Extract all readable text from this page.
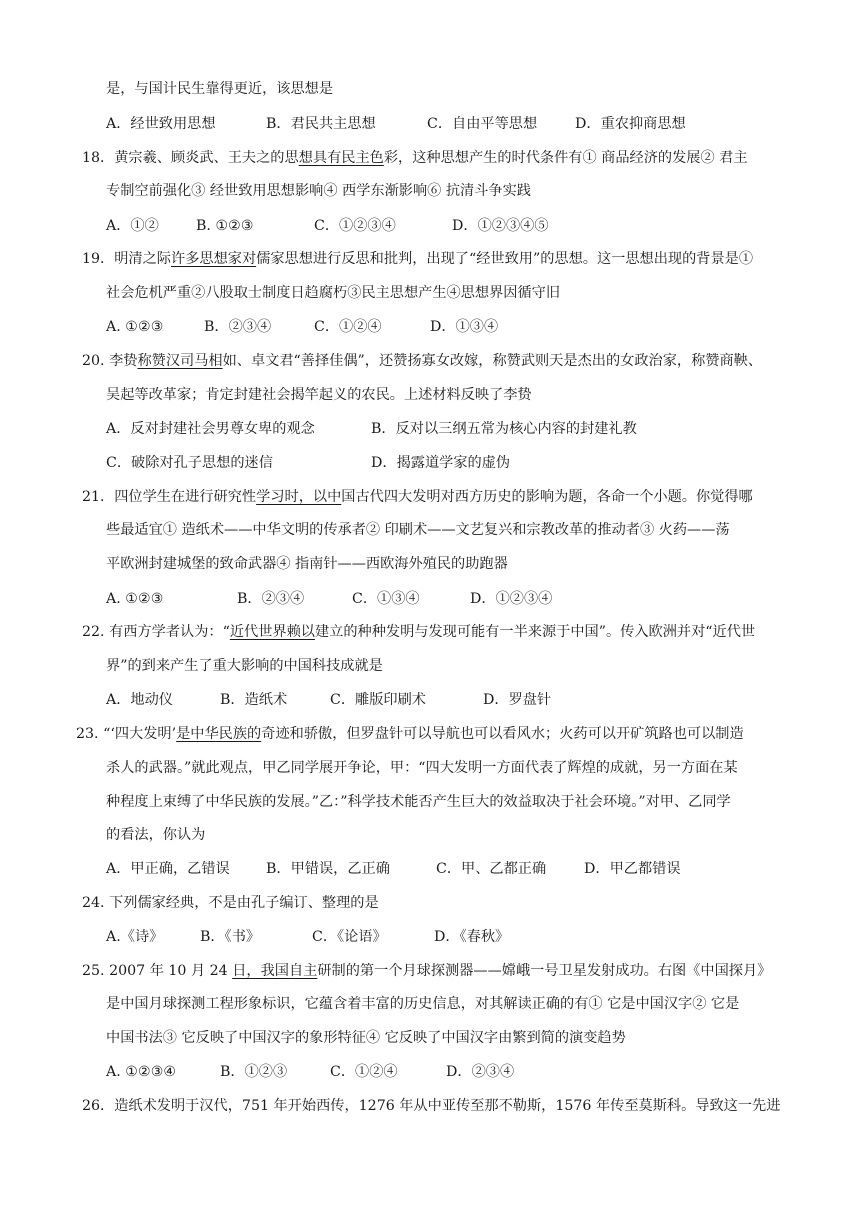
是，与国计民生靠得更近，该思想是
A．经世致用思想	B．君民共主思想	C．自由平等思想	D．重农抑商思想
18．黄宗羲、顾炎武、王夫之的思想具有民主色彩，这种思想产生的时代条件有① 商品经济的发展② 君主
专制空前强化③ 经世致用思想影响④ 西学东渐影响⑥ 抗清斗争实践
A．①②	B. ①②③	C．①②③④	D．①②③④⑤
19．明清之际许多思想家对儒家思想进行反思和批判，出现了“经世致用”的思想。这一思想出现的背景是①
社会危机严重②八股取士制度日趋腐朽③民主思想产生④思想界因循守旧
A. ①②③	B．②③④	C．①②④	D．①③④
20. 李贽称赞汉司马相如、卓文君“善择佳偶”，还赞扬寡女改嫁，称赞武则天是杰出的女政治家，称赞商鞅、
吴起等改革家；肯定封建社会揭竿起义的农民。上述材料反映了李贽
A．反对封建社会男尊女卑的观念	B．反对以三纲五常为核心内容的封建礼教
C．破除对孔子思想的迷信	D．揭露道学家的虚伪
21．四位学生在进行研究性学习时，以中国古代四大发明对西方历史的影响为题，各命一个小题。你觉得哪
些最适宜① 造纸术——中华文明的传承者② 印刷术——文艺复兴和宗教改革的推动者③ 火药——荡
平欧洲封建城堡的致命武器④ 指南针——西欧海外殖民的助跑器
A. ①②③	B．②③④	C．①③④	D．①②③④
22. 有西方学者认为：“近代世界赖以建立的种种发明与发现可能有一半来源于中国”。传入欧洲并对“近代世
界”的到来产生了重大影响的中国科技成就是
A．地动仪	B．造纸术	C．雕版印刷术	D．罗盘针
23. “‘四大发明’是中华民族的奇迹和骄傲，但罗盘针可以导航也可以看风水；火药可以开矿筑路也可以制造
杀人的武器。”就此观点，甲乙同学展开争论，甲：“四大发明一方面代表了辉煌的成就，另一方面在某
种程度上束缚了中华民族的发展。”乙：”科学技术能否产生巨大的效益取决于社会环境。”对甲、乙同学
的看法，你认为
A．甲正确，乙错误	B．甲错误，乙正确	C．甲、乙都正确	D．甲乙都错误
24. 下列儒家经典，不是由孔子编订、整理的是
A.《诗》	B．《书》	C．《论语》	D．《春秋》
25. 2007 年 10 月 24 日，我国自主研制的第一个月球探测器——嫦峨一号卫星发射成功。右图《中国探月》
是中国月球探测工程形象标识，它蕴含着丰富的历史信息，对其解读正确的有① 它是中国汉字② 它是
中国书法③ 它反映了中国汉字的象形特征④ 它反映了中国汉字由繁到简的演变趋势
A. ①②③④	B．①②③	C．①②④	D．②③④
26．造纸术发明于汉代，751 年开始西传，1276 年从中亚传至那不勒斯，1576 年传至莫斯科。导致这一先进
